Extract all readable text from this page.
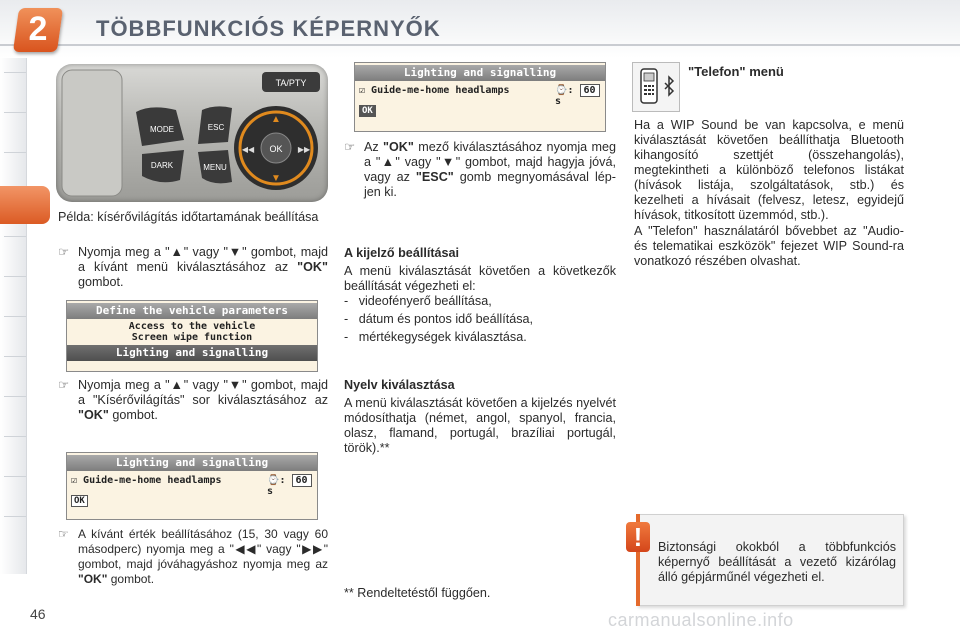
2	TÖBBFUNKCIÓS KÉPERNYŐK
TA/PTY
MODE
DARK
ESC
MENU
OK
▲
▼
◀◀	▶▶
Példa: kísérővilágítás időtartamának beállítása
☞ Nyomja meg a "▲" vagy "▼" gombot, majd a kívánt menü kiválasztásához az "OK" gombot.
Define the vehicle parameters
Access to the vehicle
Screen wipe function
Lighting and signalling
☞ Nyomja meg a "▲" vagy "▼" gombot, majd a "Kísérővilágítás" sor kiválasztásához az "OK" gombot.
Lighting and signalling
☑ Guide-me-home headlamps	⌚: 60 s
OK
☞ A kívánt érték beállításához (15, 30 vagy 60 másodperc) nyomja meg a "◀◀" vagy "▶▶" gombot, majd jóváhagyáshoz nyomja meg az "OK" gombot.
Lighting and signalling
☑ Guide-me-home headlamps	⌚: 60 s
OK
☞ Az "OK" mező kiválasztásához nyomja meg a "▲" vagy "▼" gombot, majd hagyja jóvá, vagy az "ESC" gomb megnyomásával lépjen ki.
A kijelző beállításai
A menü kiválasztását követően a következők beállítását végezheti el:
-   videofényerő beállítása,
-   dátum és pontos idő beállítása,
-   mértékegységek kiválasztása.
Nyelv kiválasztása
A menü kiválasztását követően a kijelzés nyelvét módosíthatja (német, angol, spanyol, francia, olasz, flamand, portugál, brazíliai portugál, török).**
** Rendeltetéstől függően.
"Telefon" menü
Ha a WIP Sound be van kapcsolva, e menü kiválasztását követően beállíthatja Bluetooth kihangosító szettjét (összehangolás), megtekintheti a különböző telefonos listákat (hívások listája, szolgáltatások, stb.) és kezelheti a hívásait (felvesz, letesz, egyidejű hívások, titkosított üzemmód, stb.).
A "Telefon" használatáról bővebbet az "Audio- és telematikai eszközök" fejezet WIP Sound-ra vonatkozó részében olvashat.
!	Biztonsági okokból a többfunkciós képernyő beállítását a vezető kizárólag álló gépjárműnél végezheti el.
46	carmanualsonline.info
